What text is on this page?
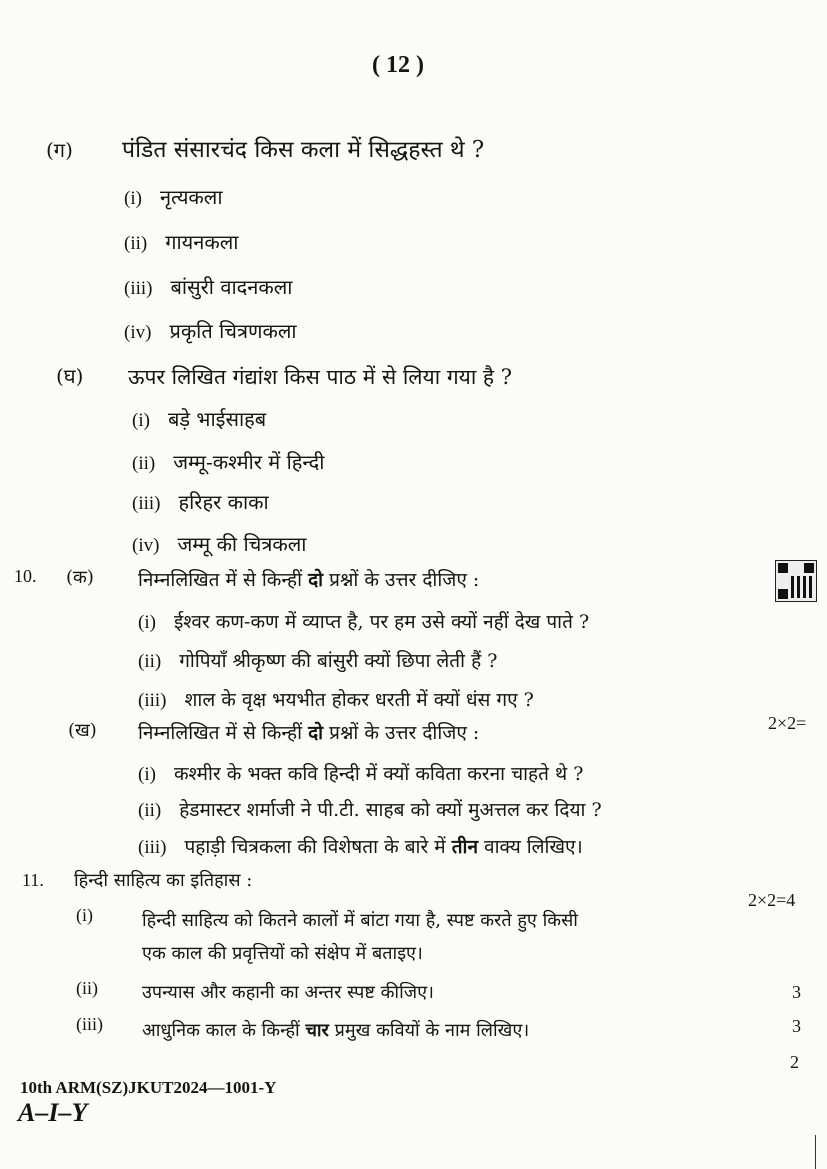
( 12 )
(ग) पंडित संसारचंद किस कला में सिद्धहस्त थे ?
(i) नृत्यकला
(ii) गायनकला
(iii) बांसुरी वादनकला
(iv) प्रकृति चित्रणकला
(घ) ऊपर लिखित गंद्यांश किस पाठ में से लिया गया है ?
(i) बड़े भाईसाहब
(ii) जम्मू-कश्मीर में हिन्दी
(iii) हरिहर काका
(iv) जम्मू की चित्रकला
10. (क) निम्नलिखित में से किन्हीं दो प्रश्नों के उत्तर दीजिए :
(i) ईश्वर कण-कण में व्याप्त है, पर हम उसे क्यों नहीं देख पाते ?
(ii) गोपियाँ श्रीकृष्ण की बांसुरी क्यों छिपा लेती हैं ?
(iii) शाल के वृक्ष भयभीत होकर धरती में क्यों धंस गए ?
2×2=
(ख) निम्नलिखित में से किन्हीं दो प्रश्नों के उत्तर दीजिए :
(i) कश्मीर के भक्त कवि हिन्दी में क्यों कविता करना चाहते थे ?
(ii) हेडमास्टर शर्माजी ने पी.टी. साहब को क्यों मुअत्तल कर दिया ?
(iii) पहाड़ी चित्रकला की विशेषता के बारे में तीन वाक्य लिखिए।
11. हिन्दी साहित्य का इतिहास :
2×2=4
(i)	हिन्दी साहित्य को कितने कालों में बांटा गया है, स्पष्ट करते हुए किसी
एक काल की प्रवृत्तियों को संक्षेप में बताइए।
3
(ii) उपन्यास और कहानी का अन्तर स्पष्ट कीजिए।
3
(iii) आधुनिक काल के किन्हीं चार प्रमुख कवियों के नाम लिखिए।
2
10th ARM(SZ)JKUT2024—1001-Y
A–I–Y
